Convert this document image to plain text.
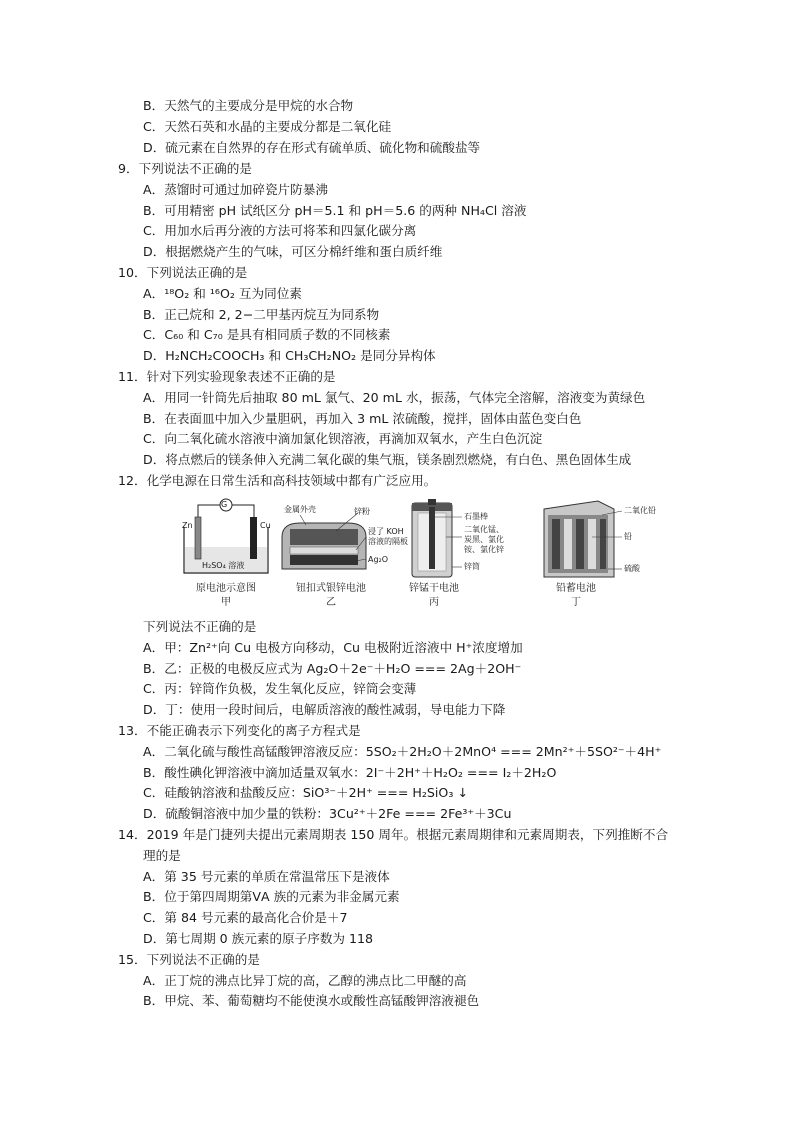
B．天然气的主要成分是甲烷的水合物
C．天然石英和水晶的主要成分都是二氧化硅
D．硫元素在自然界的存在形式有硫单质、硫化物和硫酸盐等
9．下列说法不正确的是
A．蒸馏时可通过加碎瓷片防暴沸
B．可用精密 pH 试纸区分 pH＝5.1 和 pH＝5.6 的两种 NH₄Cl 溶液
C．用加水后再分液的方法可将苯和四氯化碳分离
D．根据燃烧产生的气味，可区分棉纤维和蛋白质纤维
10．下列说法正确的是
A．¹⁸O₂ 和 ¹⁶O₂ 互为同位素
B．正己烷和 2, 2−二甲基丙烷互为同系物
C．C₆₀ 和 C₇₀ 是具有相同质子数的不同核素
D．H₂NCH₂COOCH₃ 和 CH₃CH₂NO₂ 是同分异构体
11．针对下列实验现象表述不正确的是
A．用同一针筒先后抽取 80 mL 氯气、20 mL 水，振荡，气体完全溶解，溶液变为黄绿色
B．在表面皿中加入少量胆矾，再加入 3 mL 浓硫酸，搅拌，固体由蓝色变白色
C．向二氧化硫水溶液中滴加氯化钡溶液，再滴加双氧水，产生白色沉淀
D．将点燃后的镁条伸入充满二氧化碳的集气瓶，镁条剧烈燃烧，有白色、黑色固体生成
12．化学电源在日常生活和高科技领域中都有广泛应用。
G
Zn	Cu
H₂SO₄ 溶液
原电池示意图
甲
金属外壳	锌粉
浸了 KOH
溶液的隔板
Ag₂O
钮扣式银锌电池
乙
石墨棒
二氧化锰、
炭黑、氯化
铵、氯化锌
锌筒
锌锰干电池
丙
二氧化铅
铅
硫酸
铅蓄电池
丁
下列说法不正确的是
A．甲：Zn²⁺向 Cu 电极方向移动，Cu 电极附近溶液中 H⁺浓度增加
B．乙：正极的电极反应式为 Ag₂O＋2e⁻＋H₂O === 2Ag＋2OH⁻
C．丙：锌筒作负极，发生氧化反应，锌筒会变薄
D．丁：使用一段时间后，电解质溶液的酸性减弱，导电能力下降
13．不能正确表示下列变化的离子方程式是
A．二氧化硫与酸性高锰酸钾溶液反应：5SO₂＋2H₂O＋2MnO⁴ === 2Mn²⁺＋5SO²⁻＋4H⁺
B．酸性碘化钾溶液中滴加适量双氧水：2I⁻＋2H⁺＋H₂O₂ === I₂＋2H₂O
C．硅酸钠溶液和盐酸反应：SiO³⁻＋2H⁺ === H₂SiO₃ ↓
D．硫酸铜溶液中加少量的铁粉：3Cu²⁺＋2Fe === 2Fe³⁺＋3Cu
14．2019 年是门捷列夫提出元素周期表 150 周年。根据元素周期律和元素周期表，下列推断不合
理的是
A．第 35 号元素的单质在常温常压下是液体
B．位于第四周期第ⅤA 族的元素为非金属元素
C．第 84 号元素的最高化合价是＋7
D．第七周期 0 族元素的原子序数为 118
15．下列说法不正确的是
A．正丁烷的沸点比异丁烷的高，乙醇的沸点比二甲醚的高
B．甲烷、苯、葡萄糖均不能使溴水或酸性高锰酸钾溶液褪色
